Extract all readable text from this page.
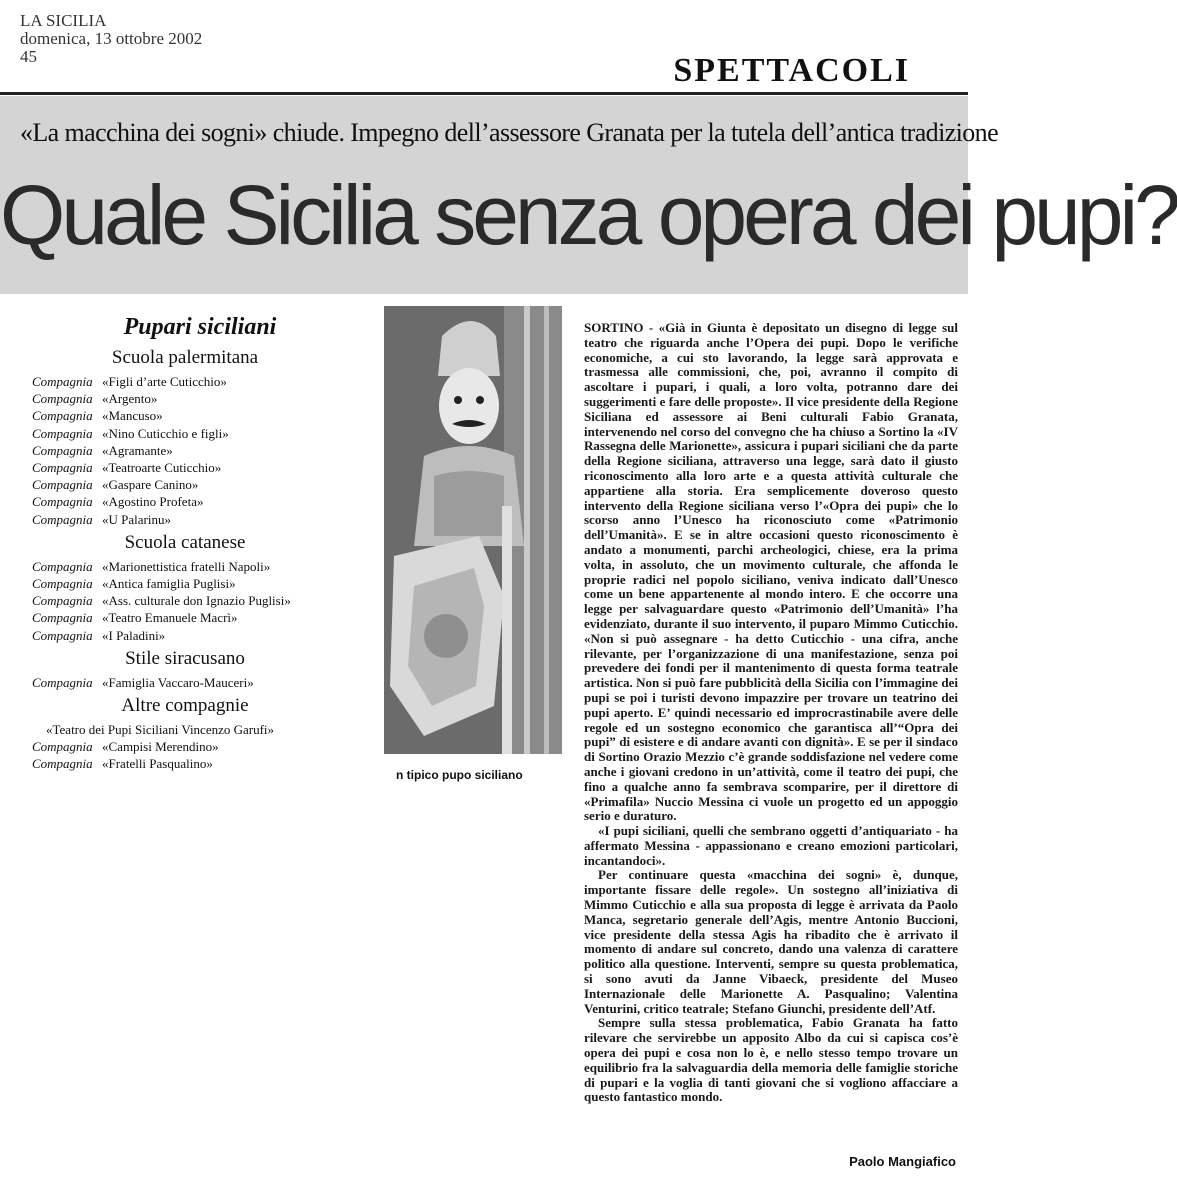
LA SICILIA
domenica, 13 ottobre 2002
45	SPETTACOLI
«La macchina dei sogni» chiude. Impegno dell’assessore Granata per la tutela dell’antica tradizione
Quale Sicilia senza opera dei pupi?
Pupari siciliani
Scuola palermitana
Compagnia «Figli d’arte Cuticchio»
Compagnia «Argento»
Compagnia «Mancuso»
Compagnia «Nino Cuticchio e figli»
Compagnia «Agramante»
Compagnia «Teatroarte Cuticchio»
Compagnia «Gaspare Canino»
Compagnia «Agostino Profeta»
Compagnia «U Palarinu»
Scuola catanese
Compagnia «Marionettistica fratelli Napoli»
Compagnia «Antica famiglia Puglisi»
Compagnia «Ass. culturale don Ignazio Puglisi»
Compagnia «Teatro Emanuele Macrì»
Compagnia «I Paladini»
Stile siracusano
Compagnia «Famiglia Vaccaro-Mauceri»
Altre compagnie
«Teatro dei Pupi Siciliani Vincenzo Garufi»
Compagnia «Campisi Merendino»
Compagnia «Fratelli Pasqualino»
n tipico pupo siciliano

SORTINO - «Già in Giunta è depositato un disegno di legge sul teatro che riguarda anche l’Opera dei pupi. Dopo le verifiche economiche, a cui sto lavorando, la legge sarà approvata e trasmessa alle commissioni, che, poi, avranno il compito di ascoltare i pupari, i quali, a loro volta, potranno dare dei suggerimenti e fare delle proposte». Il vice presidente della Regione Siciliana ed assessore ai Beni culturali Fabio Granata, intervenendo nel corso del convegno che ha chiuso a Sortino la «IV Rassegna delle Marionette», assicura i pupari siciliani che da parte della Regione siciliana, attraverso una legge, sarà dato il giusto riconoscimento alla loro arte e a questa attività culturale che appartiene alla storia. Era semplicemente doveroso questo intervento della Regione siciliana verso l’«Opra dei pupi» che lo scorso anno l’Unesco ha riconosciuto come «Patrimonio dell’Umanità». E se in altre occasioni questo riconoscimento è andato a monumenti, parchi archeologici, chiese, era la prima volta, in assoluto, che un movimento culturale, che affonda le proprie radici nel popolo siciliano, veniva indicato dall’Unesco come un bene appartenente al mondo intero. E che occorre una legge per salvaguardare questo «Patrimonio dell’Umanità» l’ha evidenziato, durante il suo intervento, il puparo Mimmo Cuticchio. «Non si può assegnare - ha detto Cuticchio - una cifra, anche rilevante, per l’organizzazione di una manifestazione, senza poi prevedere dei fondi per il mantenimento di questa forma teatrale artistica. Non si può fare pubblicità della Sicilia con l’immagine dei pupi se poi i turisti devono impazzire per trovare un teatrino dei pupi aperto. E’ quindi necessario ed improcrastinabile avere delle regole ed un sostegno economico che garantisca all’“Opra dei pupi” di esistere e di andare avanti con dignità». E se per il sindaco di Sortino Orazio Mezzio c’è grande soddisfazione nel vedere come anche i giovani credono in un’attività, come il teatro dei pupi, che fino a qualche anno fa sembrava scomparire, per il direttore di «Primafila» Nuccio Messina ci vuole un progetto ed un appoggio serio e duraturo.

«I pupi siciliani, quelli che sembrano oggetti d’antiquariato - ha affermato Messina - appassionano e creano emozioni particolari, incantandoci».

Per continuare questa «macchina dei sogni» è, dunque, importante fissare delle regole». Un sostegno all’iniziativa di Mimmo Cuticchio e alla sua proposta di legge è arrivata da Paolo Manca, segretario generale dell’Agis, mentre Antonio Buccioni, vice presidente della stessa Agis ha ribadito che è arrivato il momento di andare sul concreto, dando una valenza di carattere politico alla questione. Interventi, sempre su questa problematica, si sono avuti da Janne Vibaeck, presidente del Museo Internazionale delle Marionette A. Pasqualino; Valentina Venturini, critico teatrale; Stefano Giunchi, presidente dell’Atf.

Sempre sulla stessa problematica, Fabio Granata ha fatto rilevare che servirebbe un apposito Albo da cui si capisca cos’è opera dei pupi e cosa non lo è, e nello stesso tempo trovare un equilibrio fra la salvaguardia della memoria delle famiglie storiche di pupari e la voglia di tanti giovani che si vogliono affacciare a questo fantastico mondo.

Paolo Mangiafico
